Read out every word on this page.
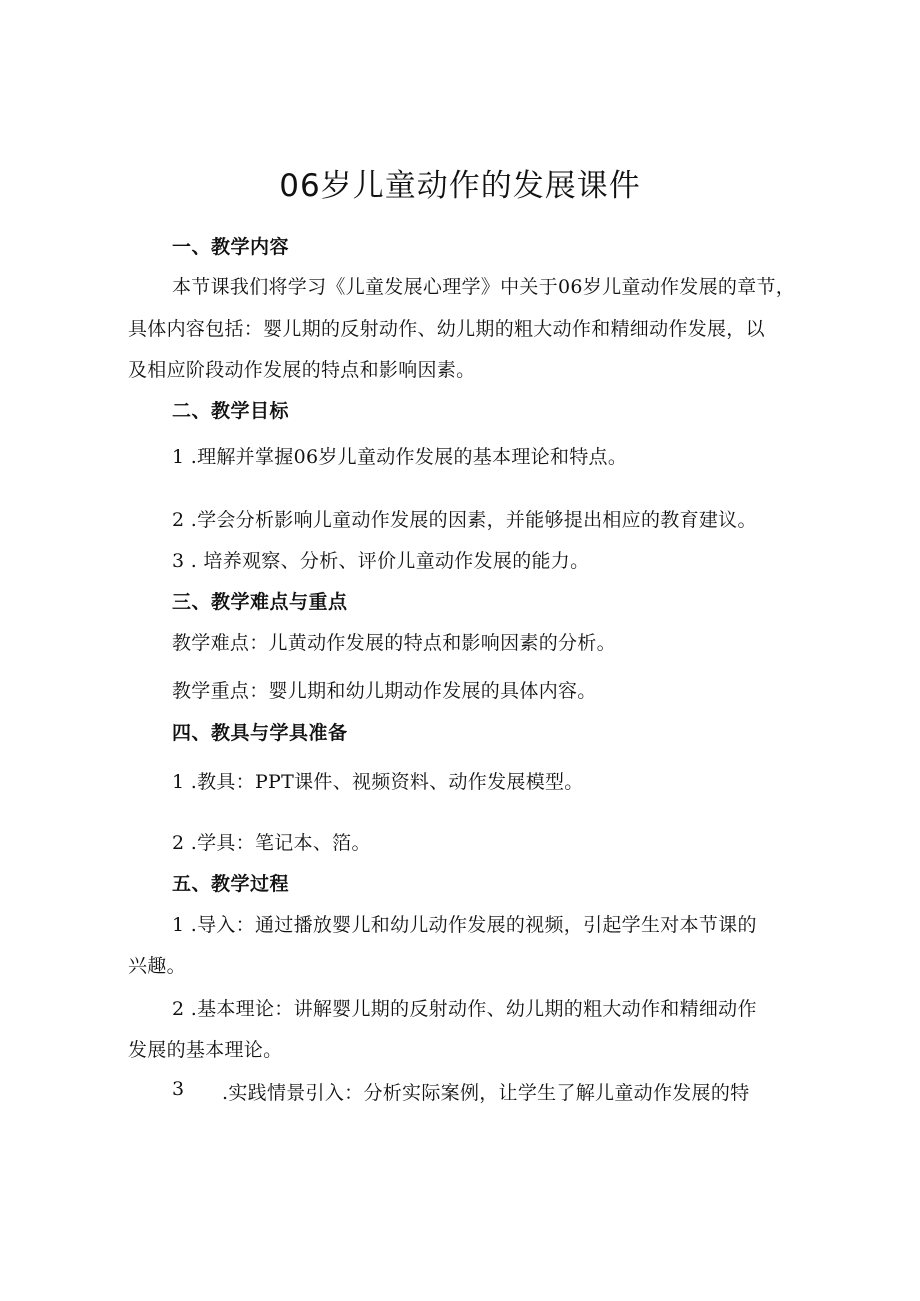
06岁儿童动作的发展课件
一、教学内容
本节课我们将学习《儿童发展心理学》中关于06岁儿童动作发展的章节，
具体内容包括：婴儿期的反射动作、幼儿期的粗大动作和精细动作发展，以
及相应阶段动作发展的特点和影响因素。
二、教学目标
1 .理解并掌握06岁儿童动作发展的基本理论和特点。
2 .学会分析影响儿童动作发展的因素，并能够提出相应的教育建议。
3 . 培养观察、分析、评价儿童动作发展的能力。
三、教学难点与重点
教学难点：儿黄动作发展的特点和影响因素的分析。
教学重点：婴儿期和幼儿期动作发展的具体内容。
四、教具与学具准备
1 .教具：PPT课件、视频资料、动作发展模型。
2 .学具：笔记本、箔。
五、教学过程
1 .导入：通过播放婴儿和幼儿动作发展的视频，引起学生对本节课的
兴趣。
2 .基本理论：讲解婴儿期的反射动作、幼儿期的粗大动作和精细动作
发展的基本理论。
3 .实践情景引入：分析实际案例，让学生了解儿童动作发展的特
